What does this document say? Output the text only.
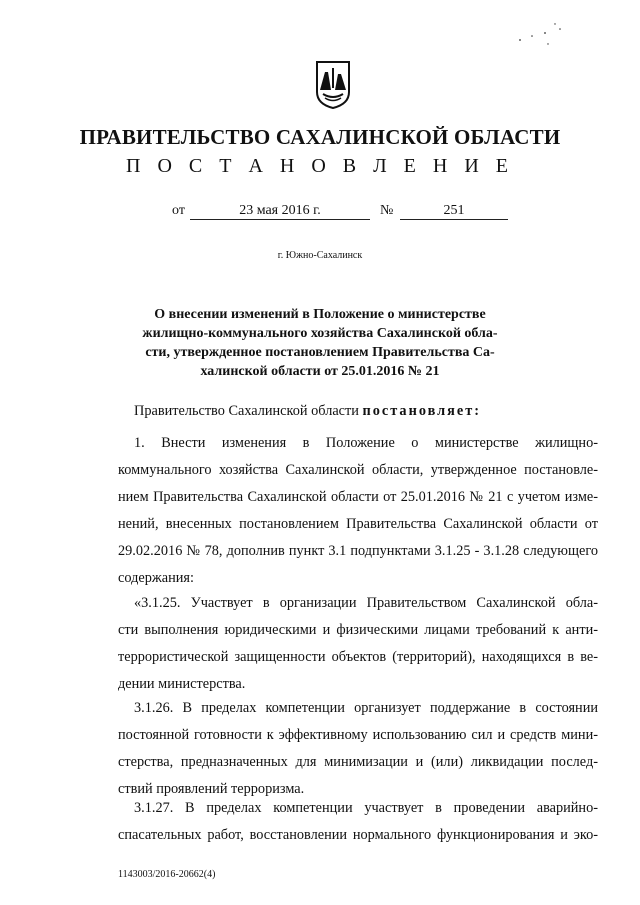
ПРАВИТЕЛЬСТВО САХАЛИНСКОЙ ОБЛАСТИ
П О С Т А Н О В Л Е Н И Е
от	23 мая 2016 г.	№	251
г. Южно-Сахалинск
О внесении изменений в Положение о министерстве
жилищно-коммунального хозяйства Сахалинской обла-
сти, утвержденное постановлением Правительства Са-
халинской области от 25.01.2016 № 21
Правительство Сахалинской области постановляет:
1. Внести изменения в Положение о министерстве жилищно-
коммунального хозяйства Сахалинской области, утвержденное постановле-
нием Правительства Сахалинской области от 25.01.2016 № 21 с учетом изме-
нений, внесенных постановлением Правительства Сахалинской области от
29.02.2016 № 78, дополнив пункт 3.1 подпунктами 3.1.25 - 3.1.28 следующего
содержания:
«3.1.25. Участвует в организации Правительством Сахалинской обла-
сти выполнения юридическими и физическими лицами требований к анти-
террористической защищенности объектов (территорий), находящихся в ве-
дении министерства.
3.1.26. В пределах компетенции организует поддержание в состоянии
постоянной готовности к эффективному использованию сил и средств мини-
стерства, предназначенных для минимизации и (или) ликвидации послед-
ствий проявлений терроризма.
3.1.27. В пределах компетенции участвует в проведении аварийно-
спасательных работ, восстановлении нормального функционирования и эко-
1143003/2016-20662(4)
